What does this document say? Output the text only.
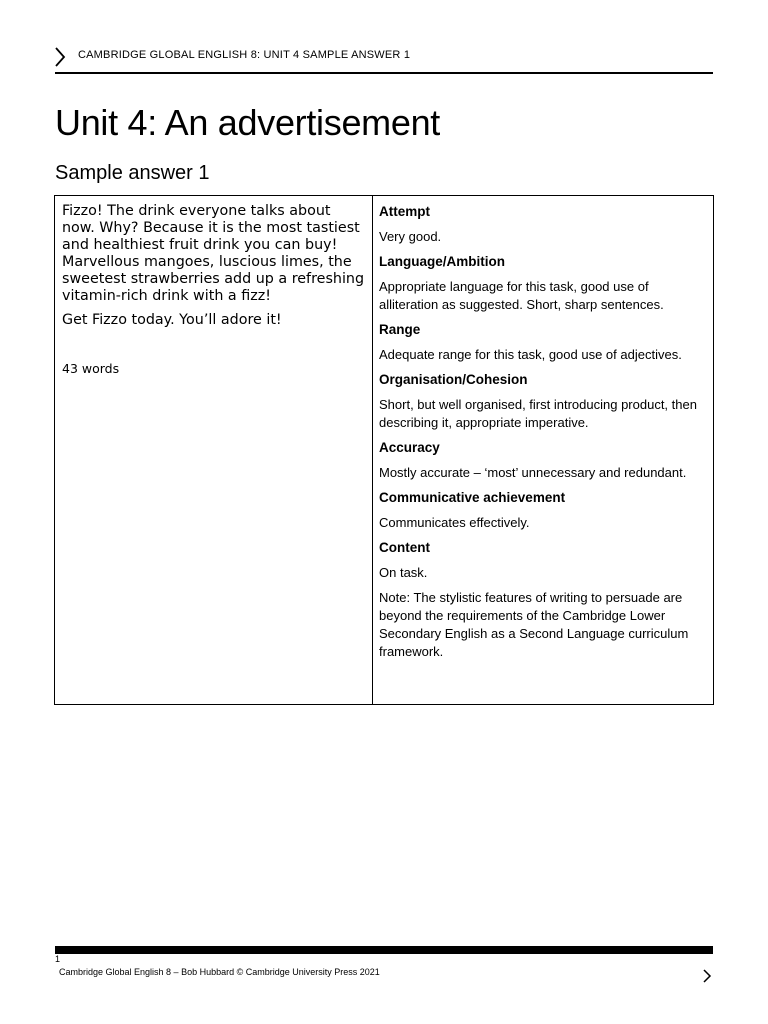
CAMBRIDGE GLOBAL ENGLISH 8: UNIT 4 SAMPLE ANSWER 1
Unit 4: An advertisement
Sample answer 1

Fizzo! The drink everyone talks about now. Why? Because it is the most tastiest and healthiest fruit drink you can buy! Marvellous mangoes, luscious limes, the sweetest strawberries add up a refreshing vitamin-rich drink with a fizz!

Get Fizzo today. You’ll adore it!

43 words

Attempt

Very good.

Language/Ambition

Appropriate language for this task, good use of alliteration as suggested. Short, sharp sentences.

Range

Adequate range for this task, good use of adjectives.

Organisation/Cohesion

Short, but well organised, first introducing product, then describing it, appropriate imperative.

Accuracy

Mostly accurate – ‘most’ unnecessary and redundant.

Communicative achievement

Communicates effectively.

Content

On task.

Note: The stylistic features of writing to persuade are beyond the requirements of the Cambridge Lower Secondary English as a Second Language curriculum framework.

1
Cambridge Global English 8 – Bob Hubbard © Cambridge University Press 2021
